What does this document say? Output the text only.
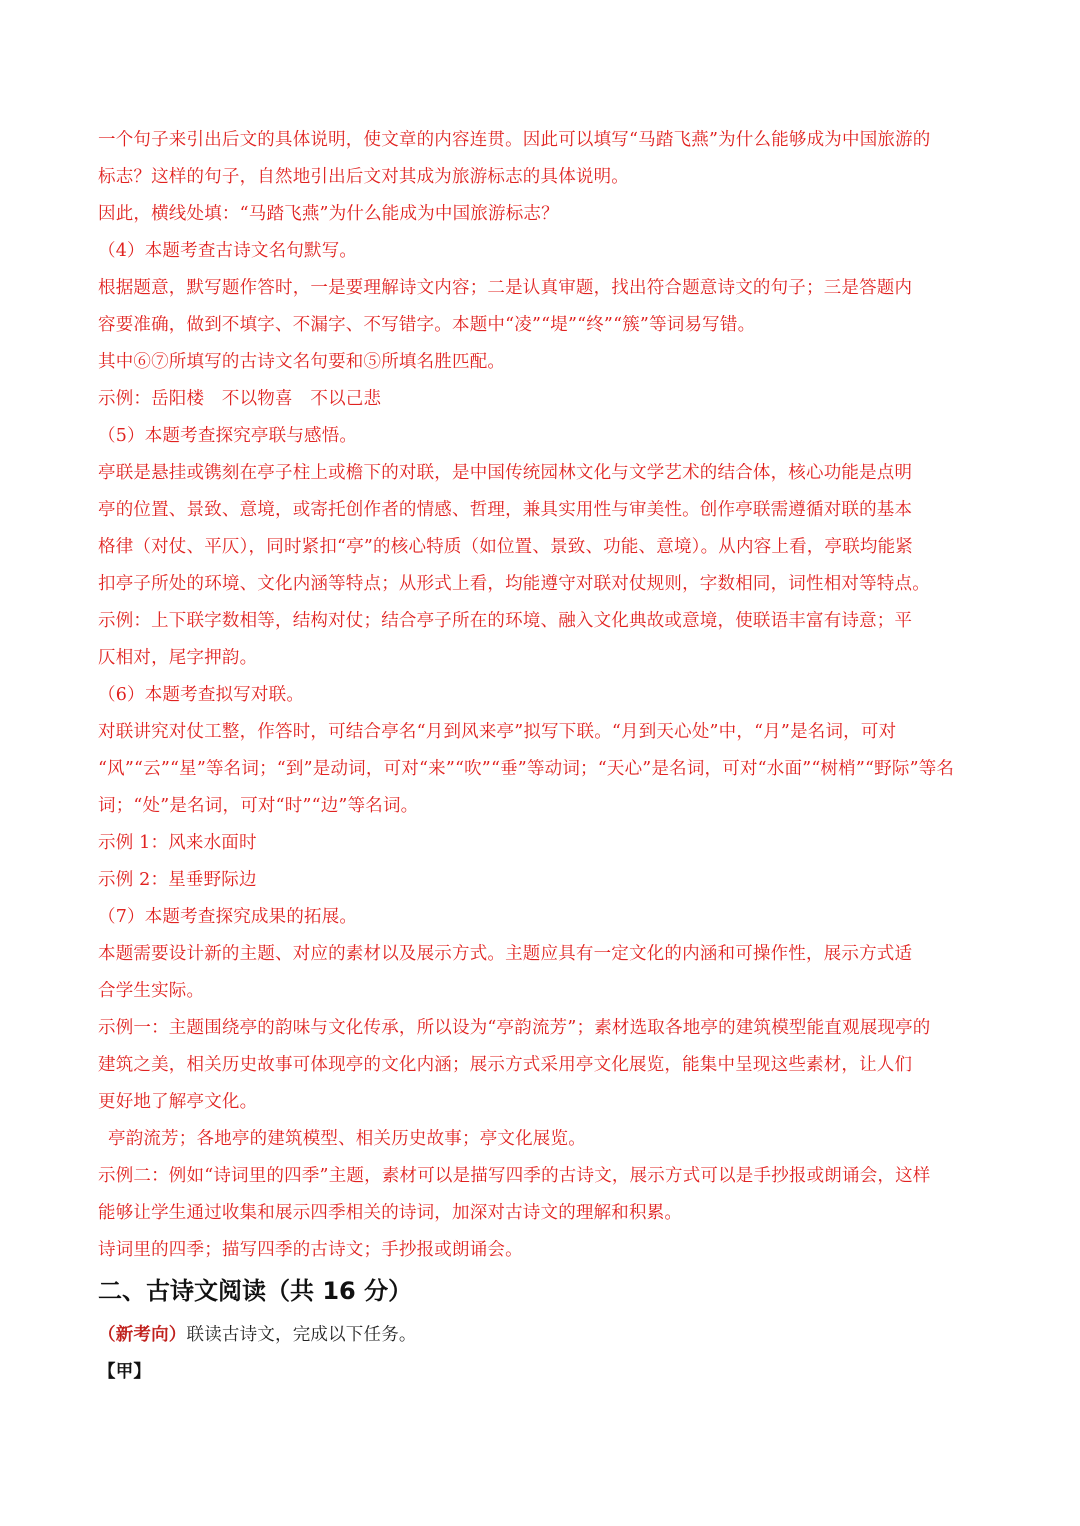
一个句子来引出后文的具体说明，使文章的内容连贯。因此可以填写“马踏飞燕”为什么能够成为中国旅游的
标志？这样的句子，自然地引出后文对其成为旅游标志的具体说明。
因此，横线处填：“马踏飞燕”为什么能成为中国旅游标志？
（4）本题考查古诗文名句默写。
根据题意，默写题作答时，一是要理解诗文内容；二是认真审题，找出符合题意诗文的句子；三是答题内
容要准确，做到不填字、不漏字、不写错字。本题中“凌”“堤”“终”“簇”等词易写错。
其中⑥⑦所填写的古诗文名句要和⑤所填名胜匹配。
示例：岳阳楼　不以物喜　不以己悲
（5）本题考查探究亭联与感悟。
亭联是悬挂或镌刻在亭子柱上或檐下的对联，是中国传统园林文化与文学艺术的结合体，核心功能是点明
亭的位置、景致、意境，或寄托创作者的情感、哲理，兼具实用性与审美性。创作亭联需遵循对联的基本
格律（对仗、平仄），同时紧扣“亭”的核心特质（如位置、景致、功能、意境）。从内容上看，亭联均能紧
扣亭子所处的环境、文化内涵等特点；从形式上看，均能遵守对联对仗规则，字数相同，词性相对等特点。
示例：上下联字数相等，结构对仗；结合亭子所在的环境、融入文化典故或意境，使联语丰富有诗意；平
仄相对，尾字押韵。
（6）本题考查拟写对联。
对联讲究对仗工整，作答时，可结合亭名“月到风来亭”拟写下联。“月到天心处”中，“月”是名词，可对
“风”“云”“星”等名词；“到”是动词，可对“来”“吹”“垂”等动词；“天心”是名词，可对“水面”“树梢”“野际”等名
词；“处”是名词，可对“时”“边”等名词。
示例 1：风来水面时
示例 2：星垂野际边
（7）本题考查探究成果的拓展。
本题需要设计新的主题、对应的素材以及展示方式。主题应具有一定文化的内涵和可操作性，展示方式适
合学生实际。
示例一：主题围绕亭的韵味与文化传承，所以设为“亭韵流芳”；素材选取各地亭的建筑模型能直观展现亭的
建筑之美，相关历史故事可体现亭的文化内涵；展示方式采用亭文化展览，能集中呈现这些素材，让人们
更好地了解亭文化。
亭韵流芳；各地亭的建筑模型、相关历史故事；亭文化展览。
示例二：例如“诗词里的四季”主题，素材可以是描写四季的古诗文，展示方式可以是手抄报或朗诵会，这样
能够让学生通过收集和展示四季相关的诗词，加深对古诗文的理解和积累。
诗词里的四季；描写四季的古诗文；手抄报或朗诵会。
二、古诗文阅读（共 16 分）
（新考向）联读古诗文，完成以下任务。
【甲】
